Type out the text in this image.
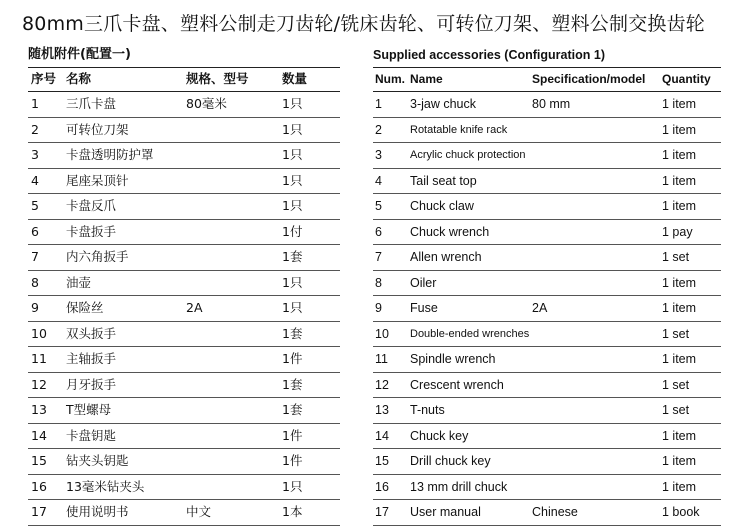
80mm三爪卡盘、塑料公制走刀齿轮/铣床齿轮、可转位刀架、塑料公制交换齿轮
随机附件(配置一)
序号 名称	规格、型号	数量
1 三爪卡盘	80毫米	1只
2 可转位刀架	1只
3 卡盘透明防护罩	1只
4 尾座呆顶针	1只
5 卡盘反爪	1只
6 卡盘扳手	1付
7 内六角扳手	1套
8 油壶	1只
9 保险丝	2A	1只
10 双头扳手	1套
11 主轴扳手	1件
12 月牙扳手	1套
13 T型螺母	1套
14 卡盘钥匙	1件
15 钻夹头钥匙	1件
16 13毫米钻夹头	1只
17 使用说明书	中文	1本
Supplied accessories (Configuration 1)
Num. Name	Specification/model Quantity
1 3-jaw chuck	80 mm	1 item
2	Rotatable knife rack	1 item
3	Acrylic chuck protection	1 item
4 Tail seat top	1 item
5 Chuck claw	1 item
6 Chuck wrench	1 pay
7 Allen wrench	1 set
8 Oiler	1 item
9 Fuse	2A	1 item
10 Double-ended wrenches	1 set
11 Spindle wrench	1 item
12 Crescent wrench	1 set
13 T-nuts	1 set
14 Chuck key	1 item
15 Drill chuck key	1 item
16 13 mm drill chuck	1 item
17 User manual	Chinese	1 book
